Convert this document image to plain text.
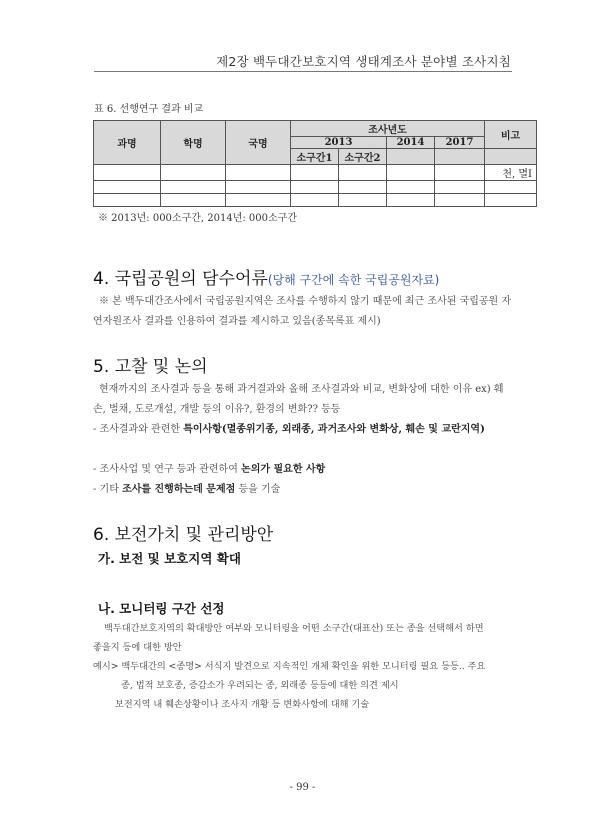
제2장 백두대간보호지역 생태계조사 분야별 조사지침
표 6. 선행연구 결과 비교
과명	학명	국명	조사년도				비고
			2013		2014	2017	
			소구간1	소구간2			
							천, 멸Ⅰ

※ 2013년: 000소구간, 2014년: 000소구간
4. 국립공원의 담수어류(당해 구간에 속한 국립공원자료)
※ 본 백두대간조사에서 국립공원지역은 조사를 수행하지 않기 때문에 최근 조사된 국립공원 자연자원조사 결과를 인용하여 결과를 제시하고 있음(종목록표 제시)
5. 고찰 및 논의
현재까지의 조사결과 등을 통해 과거결과와 올해 조사결과와 비교, 변화상에 대한 이유 ex) 훼손, 벌채, 도로개설, 개발 등의 이유?, 환경의 변화?? 등등
- 조사결과와 관련한 특이사항(멸종위기종, 외래종, 과거조사와 변화상, 훼손 및 교란지역)
- 조사사업 및 연구 등과 관련하여 논의가 필요한 사항
- 기타 조사를 진행하는데 문제점 등을 기술
6. 보전가치 및 관리방안
가. 보전 및 보호지역 확대
나. 모니터링 구간 선정
백두대간보호지역의 확대방안 여부와 모니터링을 어떤 소구간(대표산) 또는 종을 선택해서 하면
좋을지 등에 대한 방안
예시> 백두대간의 <종명> 서식지 발견으로 지속적인 개체 확인을 위한 모니터링 필요 등등.. 주요
종, 법적 보호종, 증감소가 우려되는 종, 외래종 등등에 대한 의견 제시
보전지역 내 훼손상황이나 조사지 개황 등 변화사항에 대해 기술
- 99 -
